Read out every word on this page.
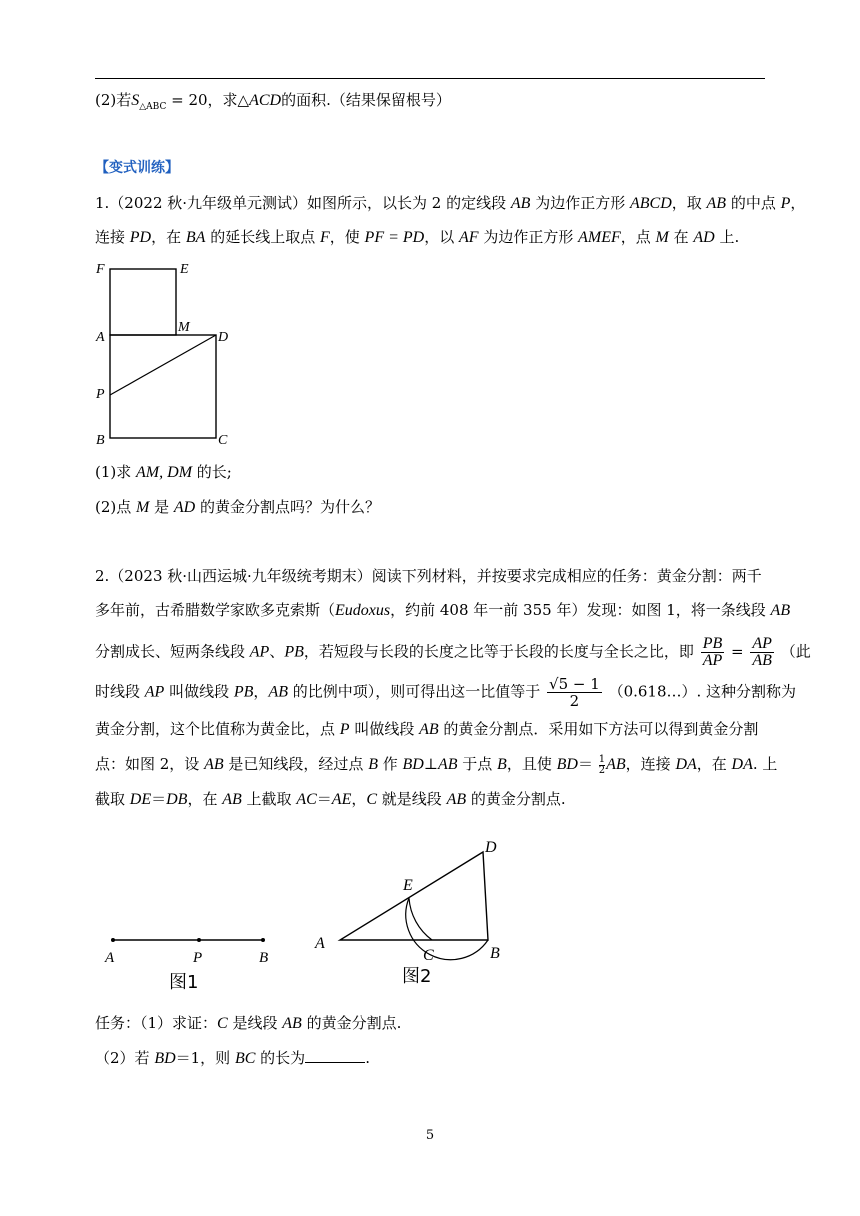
(2)若$S_{\triangle ABC} = 20$，求△ACD的面积.（结果保留根号）
【变式训练】
1.（2022 秋·九年级单元测试）如图所示，以长为 2 的定线段 AB 为边作正方形 ABCD，取 AB 的中点 P，
连接 PD，在 BA 的延长线上取点 F，使 PF = PD，以 AF 为边作正方形 AMEF，点 M 在 AD 上.
F	E
M
A	D
P
B	C
(1)求 AM, DM 的长;
(2)点 M 是 AD 的黄金分割点吗？为什么？
2.（2023 秋·山西运城·九年级统考期末）阅读下列材料，并按要求完成相应的任务：黄金分割：两千
多年前，古希腊数学家欧多克索斯（Eudoxus，约前 408 年一前 355 年）发现：如图 1，将一条线段 AB
分割成长、短两条线段 AP、PB，若短段与长段的长度之比等于长段的长度与全长之比，即 $\frac{PB}{AP} = \frac{AP}{AB}$ （此
时线段 AP 叫做线段 PB，AB 的比例中项），则可得出这一比值等于 $\frac{√5 - 1}{2}$ （0.618…）. 这种分割称为
黄金分割，这个比值称为黄金比，点 P 叫做线段 AB 的黄金分割点．采用如下方法可以得到黄金分割
点：如图 2，设 AB 是已知线段，经过点 B 作 BD⊥AB 于点 B，且使 $BD= \frac{1}{2}AB$，连接 DA，在 DA. 上
截取 DE＝DB，在 AB 上截取 AC＝AE，C 就是线段 AB 的黄金分割点.
A	P	B
图1
D
E
A
C	B
图2
任务：（1）求证：C 是线段 AB 的黄金分割点.
（2）若 BD＝1，则 BC 的长为	.
5
